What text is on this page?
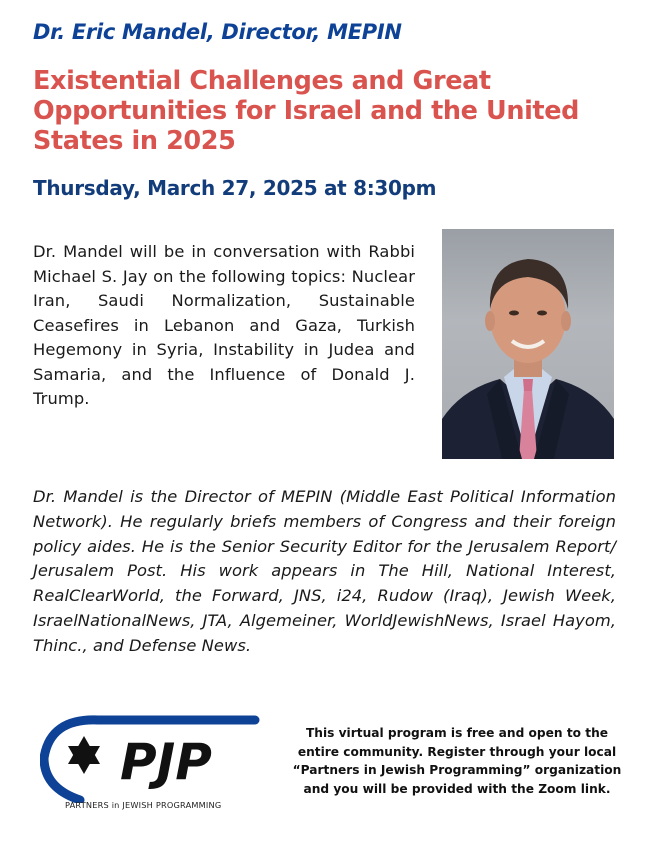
Dr. Eric Mandel, Director, MEPIN
Existential Challenges and Great Opportunities for Israel and the United States in 2025
Thursday, March 27, 2025 at 8:30pm
Dr. Mandel will be in conversation with Rabbi Michael S. Jay on the following topics: Nuclear Iran, Saudi Normalization, Sustainable Ceasefires in Lebanon and Gaza, Turkish Hegemony in Syria, Instability in Judea and Samaria, and the Influence of Donald J. Trump.
Dr. Mandel is the Director of MEPIN (Middle East Political Information Network). He regularly briefs members of Congress and their foreign policy aides. He is the Senior Security Editor for the Jerusalem Report/ Jerusalem Post. His work appears in The Hill, National Interest, RealClearWorld, the Forward, JNS, i24, Rudow (Iraq), Jewish Week, IsraelNationalNews, JTA, Algemeiner, WorldJewishNews, Israel Hayom, Thinc., and Defense News.
PJP
PARTNERS in JEWISH PROGRAMMING
This virtual program is free and open to the entire community. Register through your local “Partners in Jewish Programming” organization and you will be provided with the Zoom link.
